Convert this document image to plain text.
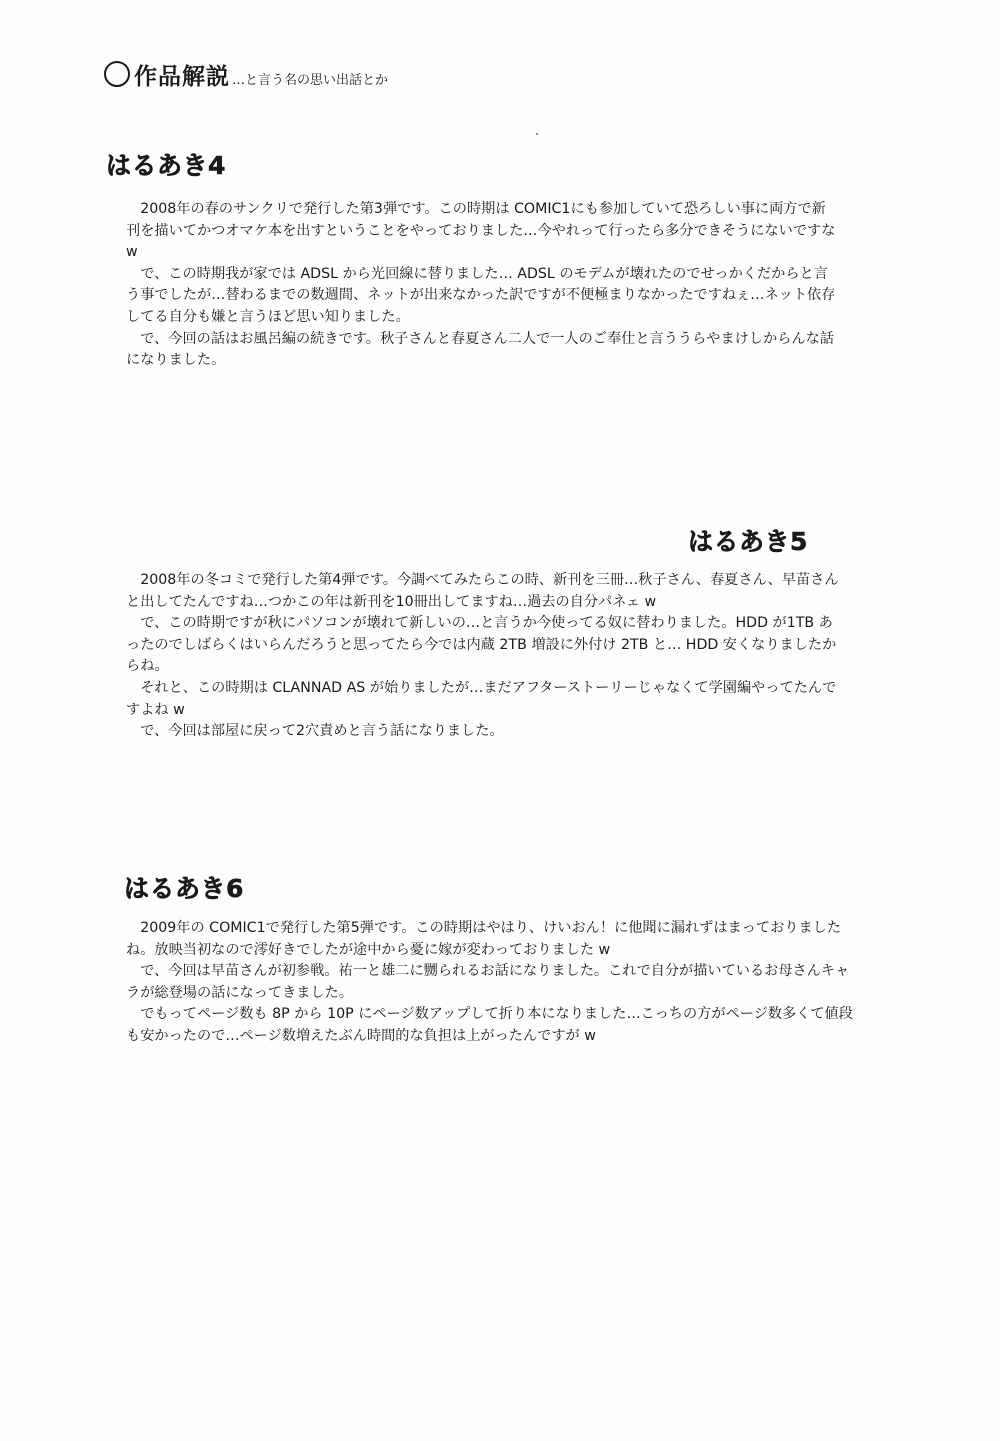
作品解説 …と言う名の思い出話とか
はるあき4

2008年の春のサンクリで発行した第3弾です。この時期は COMIC1にも参加していて恐ろしい事に両方で新刊を描いてかつオマケ本を出すということをやっておりました…今やれって行ったら多分できそうにないですな w

で、この時期我が家では ADSL から光回線に替りました… ADSL のモデムが壊れたのでせっかくだからと言う事でしたが…替わるまでの数週間、ネットが出来なかった訳ですが不便極まりなかったですねぇ…ネット依存してる自分も嫌と言うほど思い知りました。

で、今回の話はお風呂編の続きです。秋子さんと春夏さん二人で一人のご奉仕と言ううらやまけしからんな話になりました。

はるあき5

2008年の冬コミで発行した第4弾です。今調べてみたらこの時、新刊を三冊…秋子さん、春夏さん、早苗さんと出してたんですね…つかこの年は新刊を10冊出してますね…過去の自分パネェ w

で、この時期ですが秋にパソコンが壊れて新しいの…と言うか今使ってる奴に替わりました。HDD が1TB あったのでしばらくはいらんだろうと思ってたら今では内蔵 2TB 増設に外付け 2TB と… HDD 安くなりましたからね。

それと、この時期は CLANNAD AS が始りましたが…まだアフターストーリーじゃなくて学園編やってたんですよね w

で、今回は部屋に戻って2穴責めと言う話になりました。

はるあき6

2009年の COMIC1で発行した第5弾です。この時期はやはり、けいおん！に他聞に漏れずはまっておりましたね。放映当初なので澪好きでしたが途中から憂に嫁が変わっておりました w

で、今回は早苗さんが初参戦。祐一と雄二に嬲られるお話になりました。これで自分が描いているお母さんキャラが総登場の話になってきました。

でもってページ数も 8P から 10P にページ数アップして折り本になりました…こっちの方がページ数多くて値段も安かったので…ページ数増えたぶん時間的な負担は上がったんですが w
